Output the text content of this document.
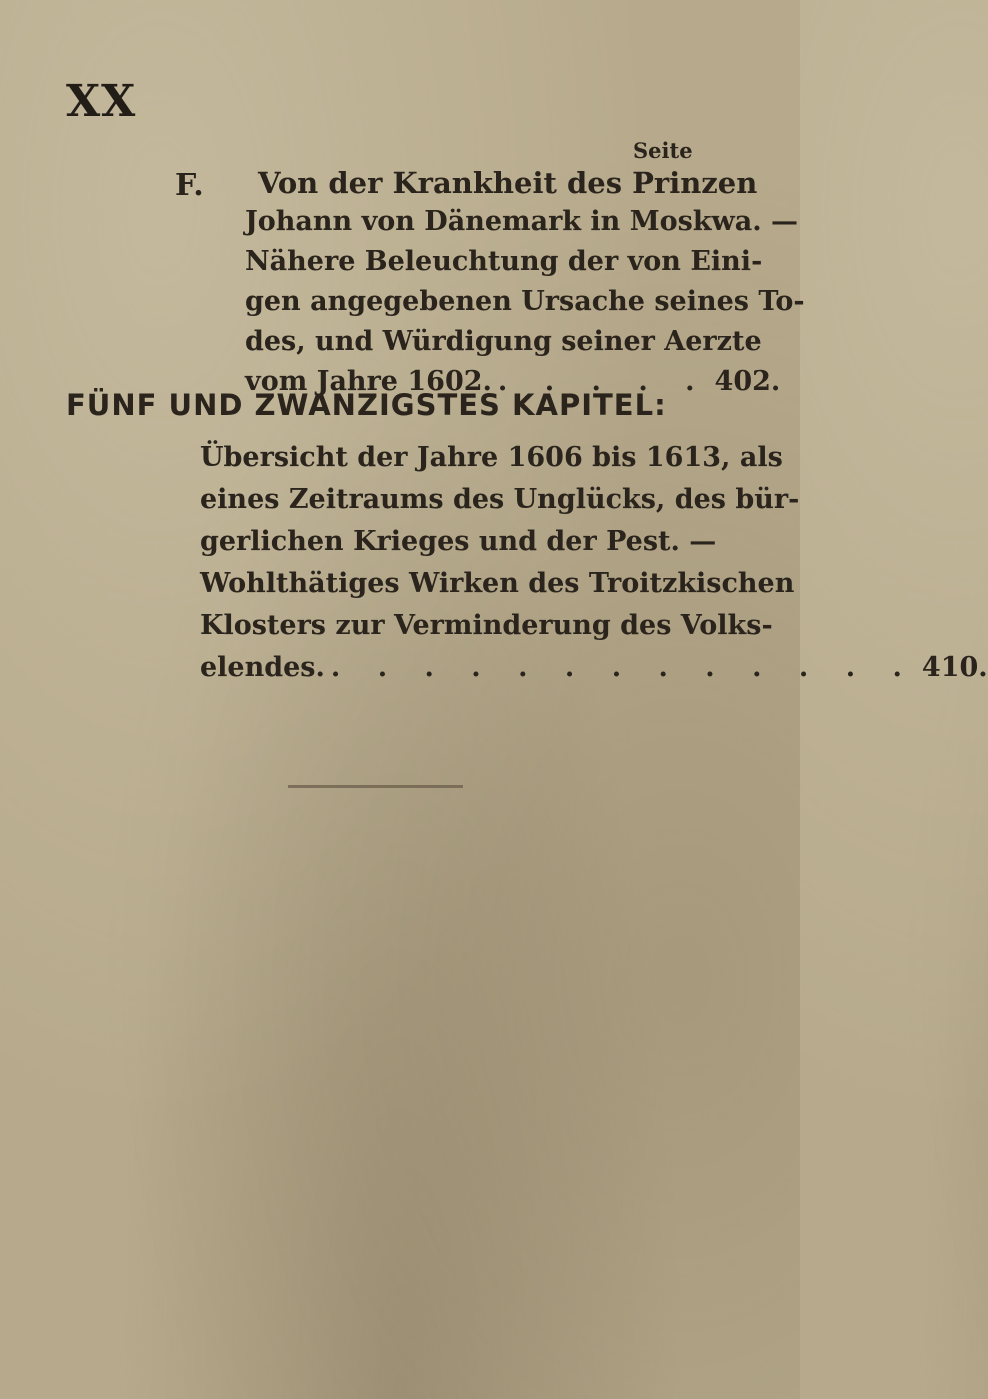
XX
Seite
F. Von der Krankheit des Prinzen
Johann von Dänemark in Moskwa. —
Nähere Beleuchtung der von Eini-
gen angegebenen Ursache seines To-
des, und Würdigung seiner Aerzte
vom Jahre 1602. . . . . . 402.
FÜNF UND ZWANZIGSTES KAPITEL:
Übersicht der Jahre 1606 bis 1613, als
eines Zeitraums des Unglücks, des bür-
gerlichen Krieges und der Pest. —
Wohlthätiges Wirken des Troitzkischen
Klosters zur Verminderung des Volks-
elendes. . . . . . . . . . . . . . 410.
